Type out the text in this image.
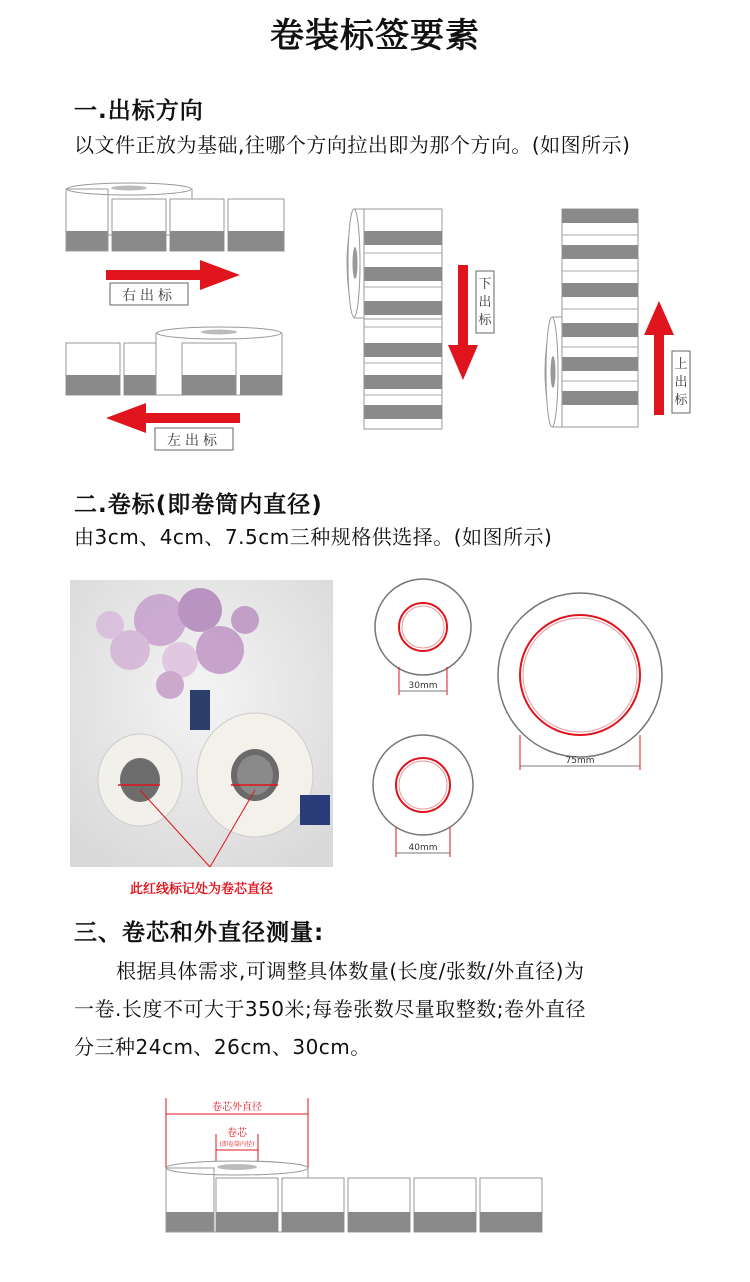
卷装标签要素
一.出标方向
以文件正放为基础,往哪个方向拉出即为那个方向。(如图所示)
右出标
左出标
下出标
上出标
二.卷标(即卷筒内直径)
由3cm、4cm、7.5cm三种规格供选择。(如图所示)
此红线标记处为卷芯直径
30mm
40mm
75mm
三、卷芯和外直径测量:
根据具体需求,可调整具体数量(长度/张数/外直径)为
一卷.长度不可大于350米;每卷张数尽量取整数;卷外直径
分三种24cm、26cm、30cm。
卷芯外直径
卷芯
(即卷筒内径)
